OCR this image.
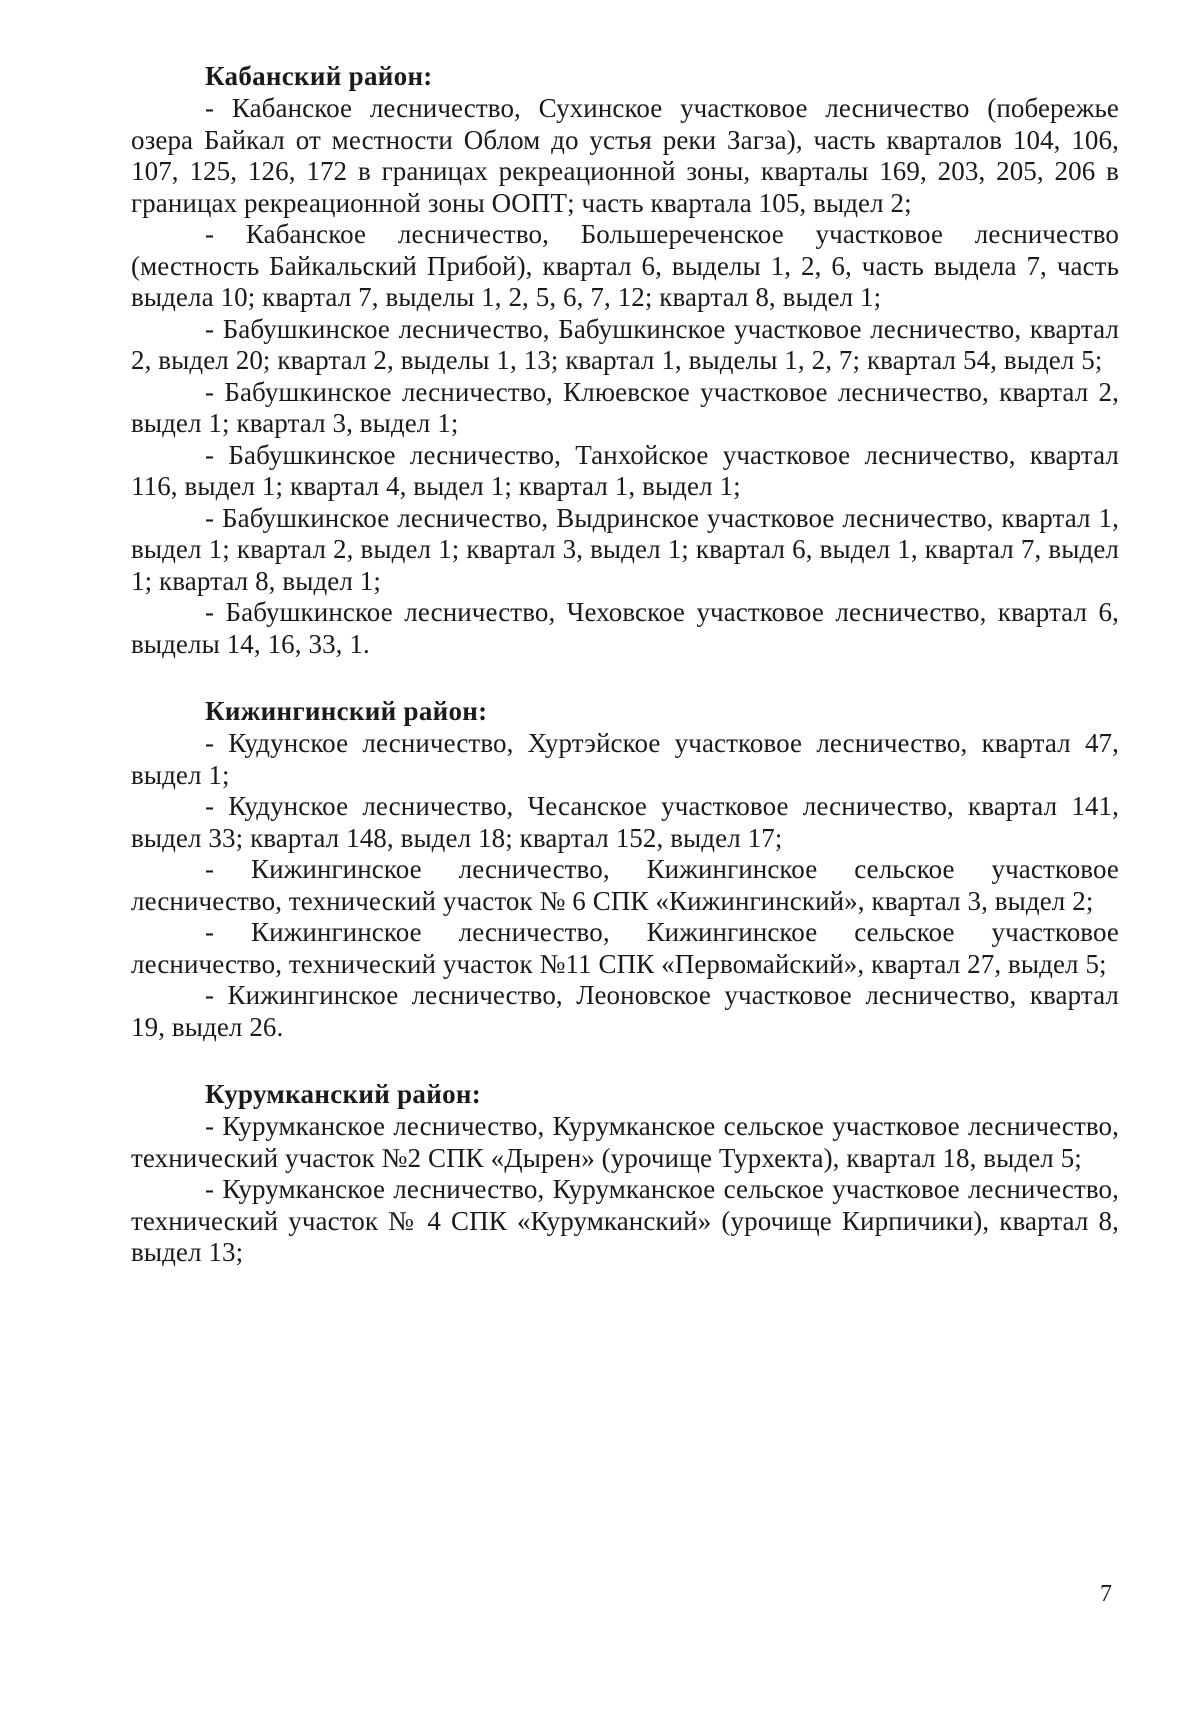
Кабанский район:

- Кабанское лесничество, Сухинское участковое лесничество (побережье озера Байкал от местности Облом до устья реки Загза), часть кварталов 104, 106, 107, 125, 126, 172 в границах рекреационной зоны, кварталы 169, 203, 205, 206 в границах рекреационной зоны ООПТ; часть квартала 105, выдел 2;

- Кабанское лесничество, Большереченское участковое лесничество (местность Байкальский Прибой), квартал 6, выделы 1, 2, 6, часть выдела 7, часть выдела 10; квартал 7, выделы 1, 2, 5, 6, 7, 12; квартал 8, выдел 1;

- Бабушкинское лесничество, Бабушкинское участковое лесничество, квартал 2, выдел 20; квартал 2, выделы 1, 13; квартал 1, выделы 1, 2, 7; квартал 54, выдел 5;

- Бабушкинское лесничество, Клюевское участковое лесничество, квартал 2, выдел 1; квартал 3, выдел 1;

- Бабушкинское лесничество, Танхойское участковое лесничество, квартал 116, выдел 1; квартал 4, выдел 1; квартал 1, выдел 1;

- Бабушкинское лесничество, Выдринское участковое лесничество, квартал 1, выдел 1; квартал 2, выдел 1; квартал 3, выдел 1; квартал 6, выдел 1, квартал 7, выдел 1; квартал 8, выдел 1;

- Бабушкинское лесничество, Чеховское участковое лесничество, квартал 6, выделы 14, 16, 33, 1.

Кижингинский район:

- Кудунское лесничество, Хуртэйское участковое лесничество, квартал 47, выдел 1;

- Кудунское лесничество, Чесанское участковое лесничество, квартал 141, выдел 33; квартал 148, выдел 18; квартал 152, выдел 17;

- Кижингинское лесничество, Кижингинское сельское участковое лесничество, технический участок № 6 СПК «Кижингинский», квартал 3, выдел 2;

- Кижингинское лесничество, Кижингинское сельское участковое лесничество, технический участок №11 СПК «Первомайский», квартал 27, выдел 5;

- Кижингинское лесничество, Леоновское участковое лесничество, квартал 19, выдел 26.

Курумканский район:

- Курумканское лесничество, Курумканское сельское участковое лесничество, технический участок №2 СПК «Дырен» (урочище Турхекта), квартал 18, выдел 5;

- Курумканское лесничество, Курумканское сельское участковое лесничество, технический участок № 4 СПК «Курумканский» (урочище Кирпичики), квартал 8, выдел 13;

7
